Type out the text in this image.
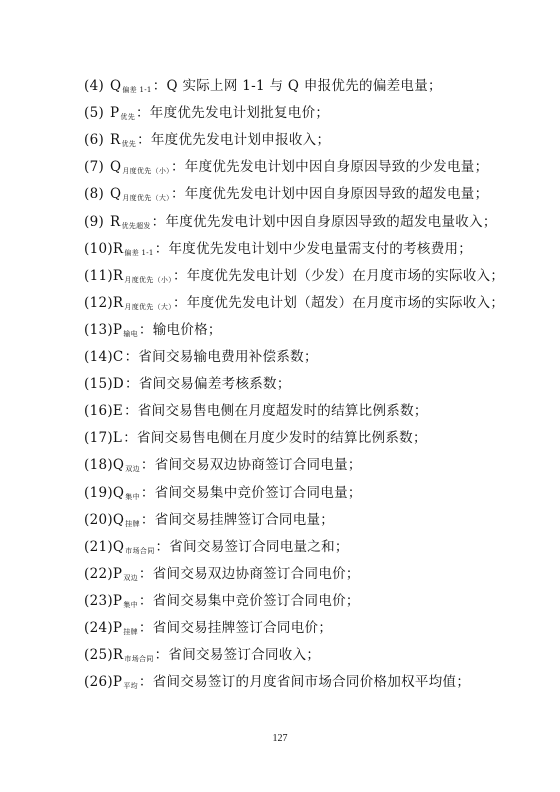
(4) $Q_{偏差 1-1}$：Q 实际上网 1-1 与 Q 申报优先的偏差电量；
(5) $P_{优先}$：年度优先发电计划批复电价；
(6) $R_{优先}$：年度优先发电计划申报收入；
(7) $Q_{月度优先(小)}$：年度优先发电计划中因自身原因导致的少发电量；
(8) $Q_{月度优先(大)}$：年度优先发电计划中因自身原因导致的超发电量；
(9) $R_{优先超发}$：年度优先发电计划中因自身原因导致的超发电量收入；
$(10)R_{偏差 1-1}$：年度优先发电计划中少发电量需支付的考核费用；
$(11)R_{月度优先(小)}$：年度优先发电计划（少发）在月度市场的实际收入；
$(12)R_{月度优先(大)}$：年度优先发电计划（超发）在月度市场的实际收入；
$(13)P_{输电}$：输电价格；
(14)C：省间交易输电费用补偿系数；
(15)D：省间交易偏差考核系数；
(16)E：省间交易售电侧在月度超发时的结算比例系数；
(17)L：省间交易售电侧在月度少发时的结算比例系数；
$(18)Q_{双边}$：省间交易双边协商签订合同电量；
$(19)Q_{集中}$：省间交易集中竞价签订合同电量；
$(20)Q_{挂牌}$：省间交易挂牌签订合同电量；
$(21)Q_{市场合同}$：省间交易签订合同电量之和；
$(22)P_{双边}$：省间交易双边协商签订合同电价；
$(23)P_{集中}$：省间交易集中竞价签订合同电价；
$(24)P_{挂牌}$：省间交易挂牌签订合同电价；
$(25)R_{市场合同}$：省间交易签订合同收入；
$(26)P_{平均}$：省间交易签订的月度省间市场合同价格加权平均值；
127
